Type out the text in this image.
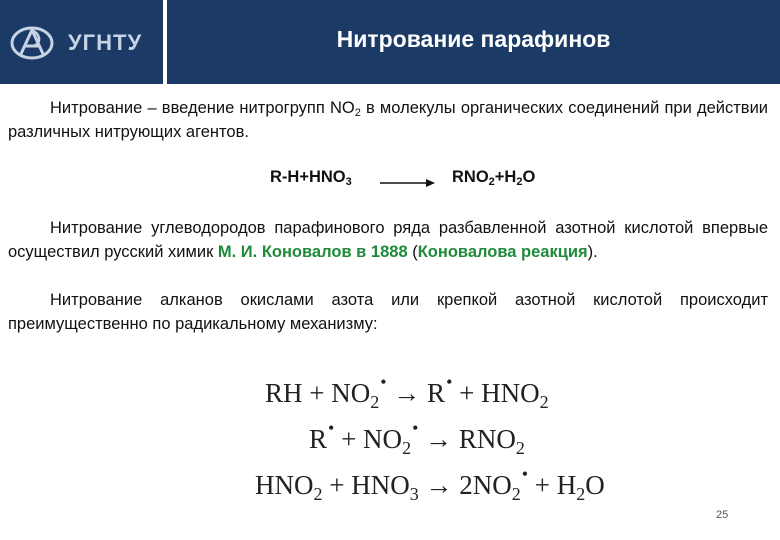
УГНТУ	Нитрование парафинов
Нитрование – введение нитрогрупп $NO_2$ в молекулы органических соединений при действии различных нитрующих агентов.
$R-H+HNO_3 \to RNO_2+H_2O$
Нитрование углеводородов парафинового ряда разбавленной азотной кислотой впервые осуществил русский химик М. И. Коновалов в 1888 (Коновалова реакция).
Нитрование алканов окислами азота или крепкой азотной кислотой происходит преимущественно по радикальному механизму:
RH + $NO_2^• \to R^• + HNO_2$
$R^• + NO_2^• \to RNO_2$
$HNO_2 + HNO_3 \to 2NO_2^• + H_2O$
25
